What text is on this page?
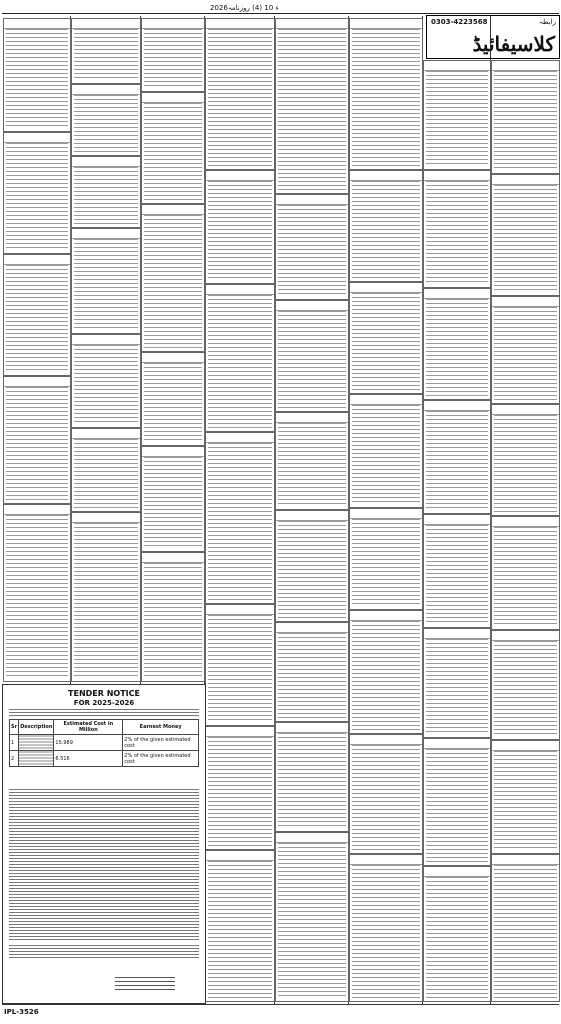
2026ء 10 (4) روزنامہ
0303-4223568	رابطہ
کلاسیفائیڈ

TENDER NOTICE
FOR 2025-2026
Sr	Description	Estimated Cost in Million	Earnest Money
1		15.989	2% of the given estimated cost
2		6.516	2% of the given estimated cost
IPL-3526
